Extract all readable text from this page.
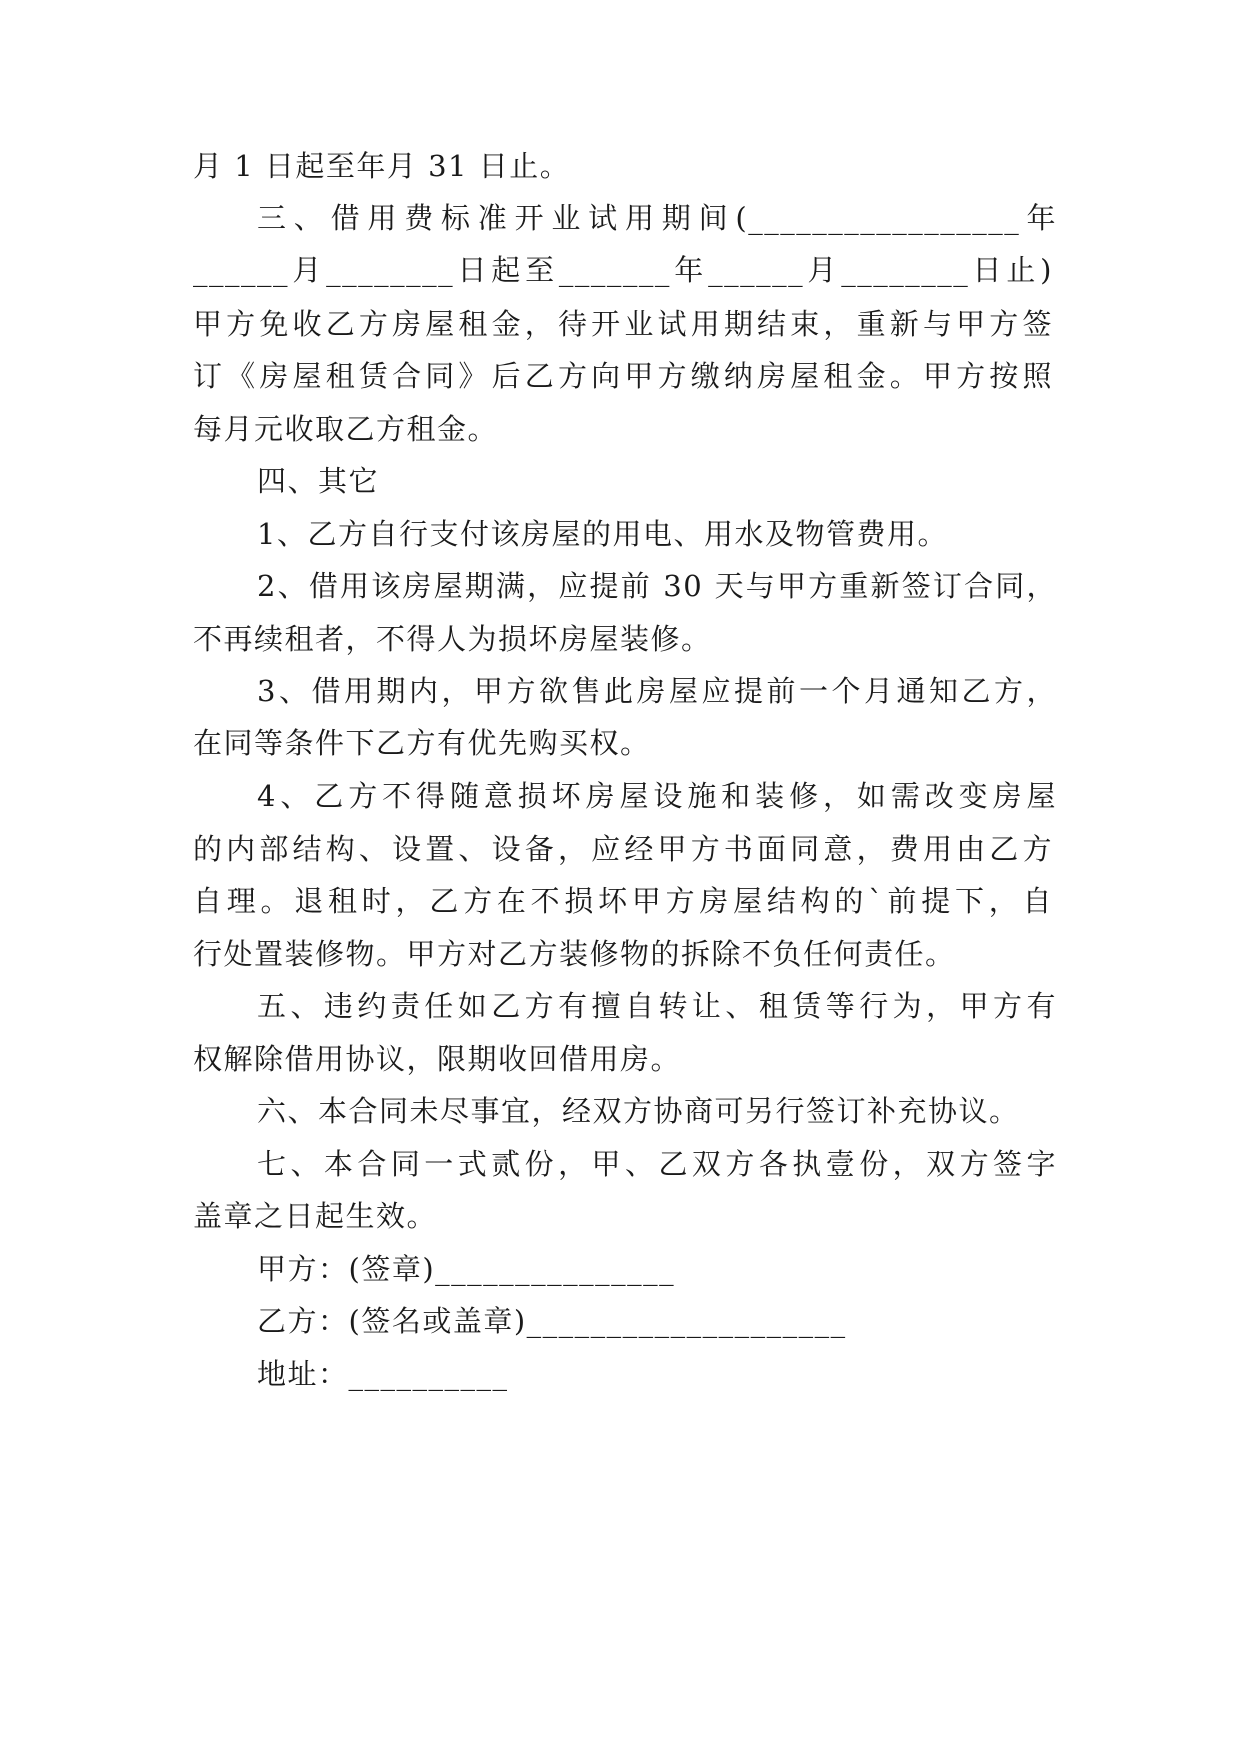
月 1 日起至年月 31 日止。
三、借用费标准开业试用期间(_________________年
______月________日起至_______年______月________日止)
甲方免收乙方房屋租金，待开业试用期结束，重新与甲方签
订《房屋租赁合同》后乙方向甲方缴纳房屋租金。甲方按照
每月元收取乙方租金。
四、其它
1、乙方自行支付该房屋的用电、用水及物管费用。
2、借用该房屋期满，应提前 30 天与甲方重新签订合同，
不再续租者，不得人为损坏房屋装修。
3、借用期内，甲方欲售此房屋应提前一个月通知乙方，
在同等条件下乙方有优先购买权。
4、乙方不得随意损坏房屋设施和装修，如需改变房屋
的内部结构、设置、设备，应经甲方书面同意，费用由乙方
自理。退租时，乙方在不损坏甲方房屋结构的`前提下，自
行处置装修物。甲方对乙方装修物的拆除不负任何责任。
五、违约责任如乙方有擅自转让、租赁等行为，甲方有
权解除借用协议，限期收回借用房。
六、本合同未尽事宜，经双方协商可另行签订补充协议。
七、本合同一式贰份，甲、乙双方各执壹份，双方签字
盖章之日起生效。
甲方：(签章)_______________
乙方：(签名或盖章)____________________
地址：__________
